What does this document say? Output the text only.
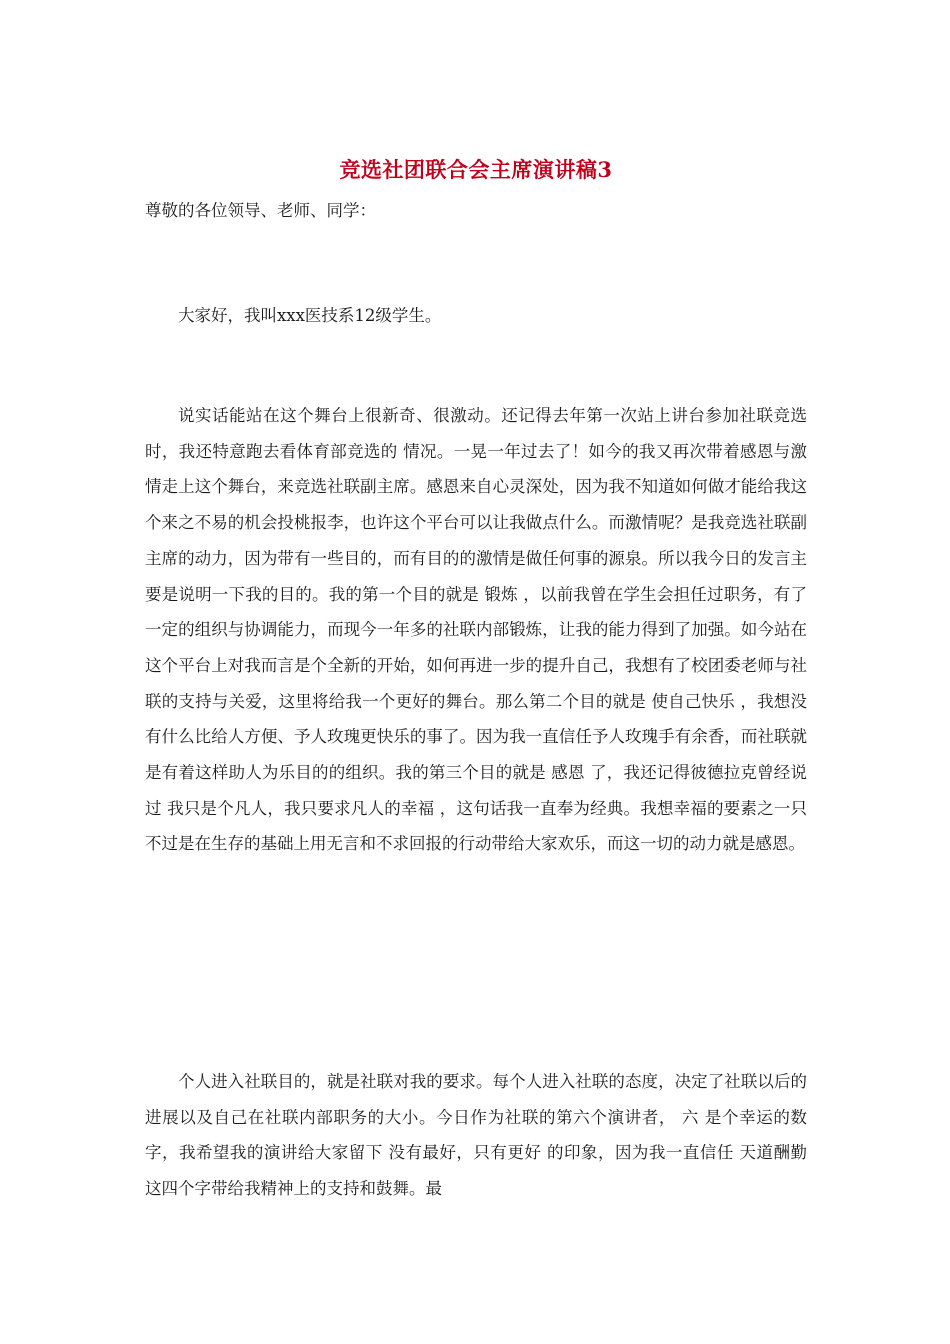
竞选社团联合会主席演讲稿3
尊敬的各位领导、老师、同学：

大家好，我叫xxx医技系12级学生。

说实话能站在这个舞台上很新奇、很激动。还记得去年第一次站上讲台参加社联竞选时，我还特意跑去看体育部竞选的 情况。一晃一年过去了！如今的我又再次带着感恩与激情走上这个舞台，来竞选社联副主席。感恩来自心灵深处，因为我不知道如何做才能给我这个来之不易的机会投桃报李，也许这个平台可以让我做点什么。而激情呢？是我竞选社联副主席的动力，因为带有一些目的，而有目的的激情是做任何事的源泉。所以我今日的发言主要是说明一下我的目的。我的第一个目的就是 锻炼 ，以前我曾在学生会担任过职务，有了一定的组织与协调能力，而现今一年多的社联内部锻炼，让我的能力得到了加强。如今站在这个平台上对我而言是个全新的开始，如何再进一步的提升自己，我想有了校团委老师与社联的支持与关爱，这里将给我一个更好的舞台。那么第二个目的就是 使自己快乐 ，我想没有什么比给人方便、予人玫瑰更快乐的事了。因为我一直信任予人玫瑰手有余香，而社联就是有着这样助人为乐目的的组织。我的第三个目的就是 感恩 了，我还记得彼德拉克曾经说过 我只是个凡人，我只要求凡人的幸福 ，这句话我一直奉为经典。我想幸福的要素之一只不过是在生存的基础上用无言和不求回报的行动带给大家欢乐，而这一切的动力就是感恩。

个人进入社联目的，就是社联对我的要求。每个人进入社联的态度，决定了社联以后的进展以及自己在社联内部职务的大小。今日作为社联的第六个演讲者， 六 是个幸运的数字，我希望我的演讲给大家留下 没有最好，只有更好 的印象，因为我一直信任 天道酬勤 这四个字带给我精神上的支持和鼓舞。最
